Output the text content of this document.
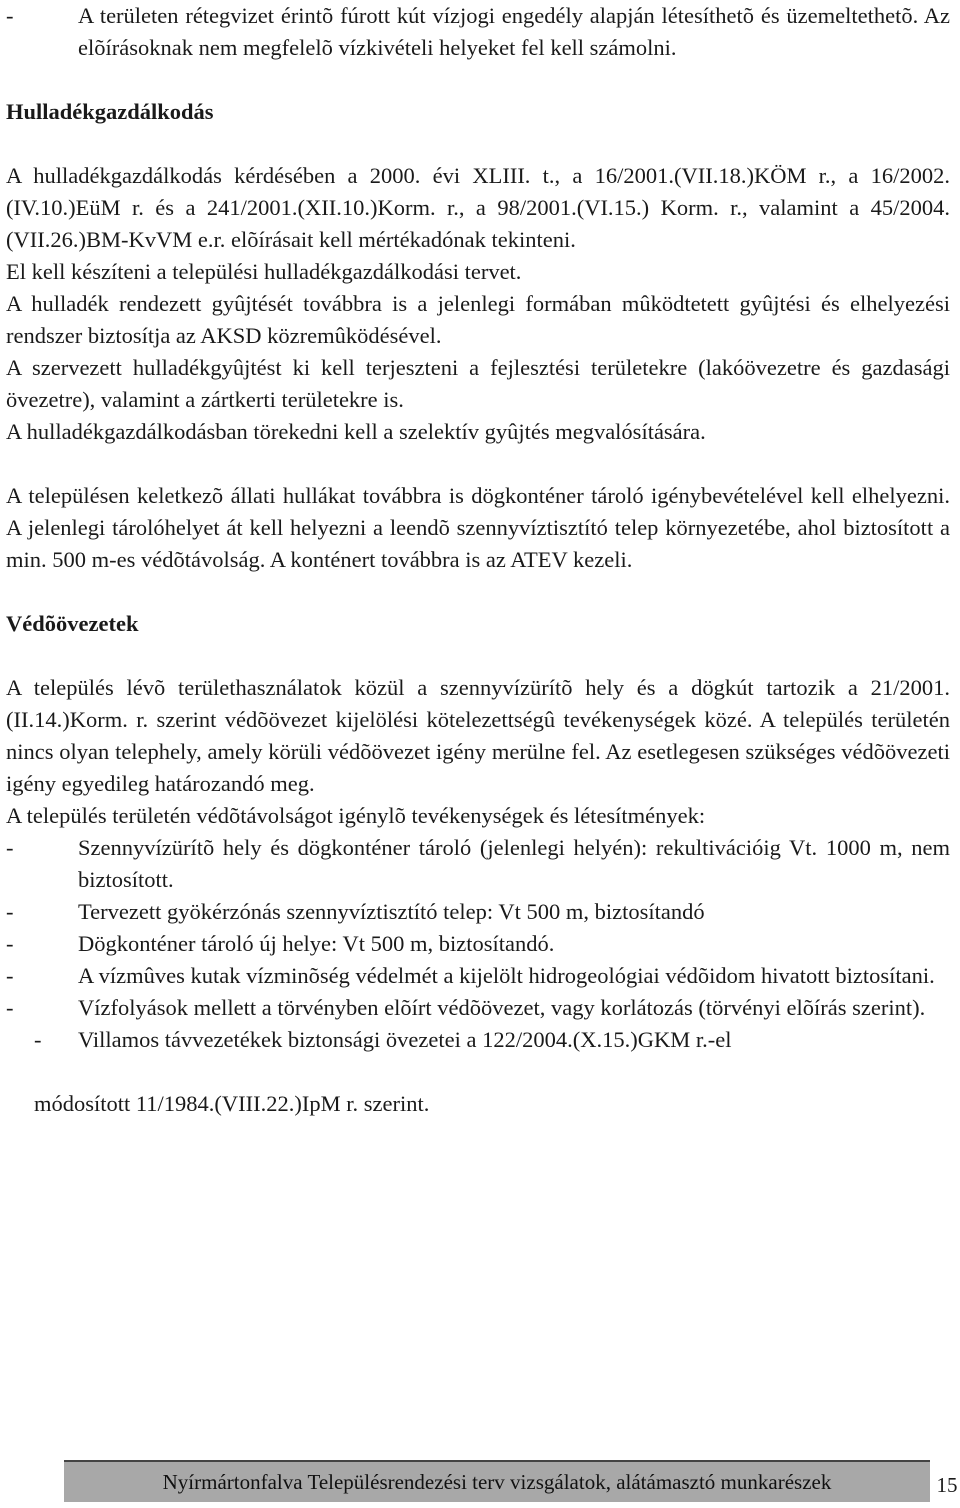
-	A területen rétegvizet érintõ fúrott kút vízjogi engedély alapján létesíthetõ és üzemeltethetõ. Az elõírásoknak nem megfelelõ vízkivételi helyeket fel kell számolni.
Hulladékgazdálkodás

A hulladékgazdálkodás kérdésében a 2000. évi XLIII. t., a 16/2001.(VII.18.)KÖM r., a 16/2002.(IV.10.)EüM r. és a 241/2001.(XII.10.)Korm. r., a 98/2001.(VI.15.) Korm. r., valamint a 45/2004.(VII.26.)BM-KvVM e.r. elõírásait kell mértékadónak tekinteni.

El kell készíteni a települési hulladékgazdálkodási tervet.

A hulladék rendezett gyûjtését továbbra is a jelenlegi formában mûködtetett gyûjtési és elhelyezési rendszer biztosítja az AKSD közremûködésével.

A szervezett hulladékgyûjtést ki kell terjeszteni a fejlesztési területekre (lakóövezetre és gazdasági övezetre), valamint a zártkerti területekre is.

A hulladékgazdálkodásban törekedni kell a szelektív gyûjtés megvalósítására.

A településen keletkezõ állati hullákat továbbra is dögkonténer tároló igénybevételével kell elhelyezni. A jelenlegi tárolóhelyet át kell helyezni a leendõ szennyvíztisztító telep környezetébe, ahol biztosított a min. 500 m-es védõtávolság. A konténert továbbra is az ATEV kezeli.

Védõövezetek

A település lévõ területhasználatok közül a szennyvízürítõ hely és a dögkút tartozik a 21/2001.(II.14.)Korm. r. szerint védõövezet kijelölési kötelezettségû tevékenységek közé. A település területén nincs olyan telephely, amely körüli védõövezet igény merülne fel. Az esetlegesen szükséges védõövezeti igény egyedileg határozandó meg.

A település területén védõtávolságot igénylõ tevékenységek és létesítmények:

-	Szennyvízürítõ hely és dögkonténer tároló (jelenlegi helyén): rekultivációig Vt. 1000 m, nem biztosított.
-	Tervezett gyökérzónás szennyvíztisztító telep: Vt 500 m, biztosítandó
-	Dögkonténer tároló új helye: Vt 500 m, biztosítandó.
-	A vízmûves kutak vízminõség védelmét a kijelölt hidrogeológiai védõidom hivatott biztosítani.
-	Vízfolyások mellett a törvényben elõírt védõövezet, vagy korlátozás (törvényi elõírás szerint).
- Villamos távvezetékek biztonsági övezetei a 122/2004.(X.15.)GKM r.-el

módosított 11/1984.(VIII.22.)IpM r. szerint.

Nyírmártonfalva Településrendezési terv vizsgálatok, alátámasztó munkarészek	15
